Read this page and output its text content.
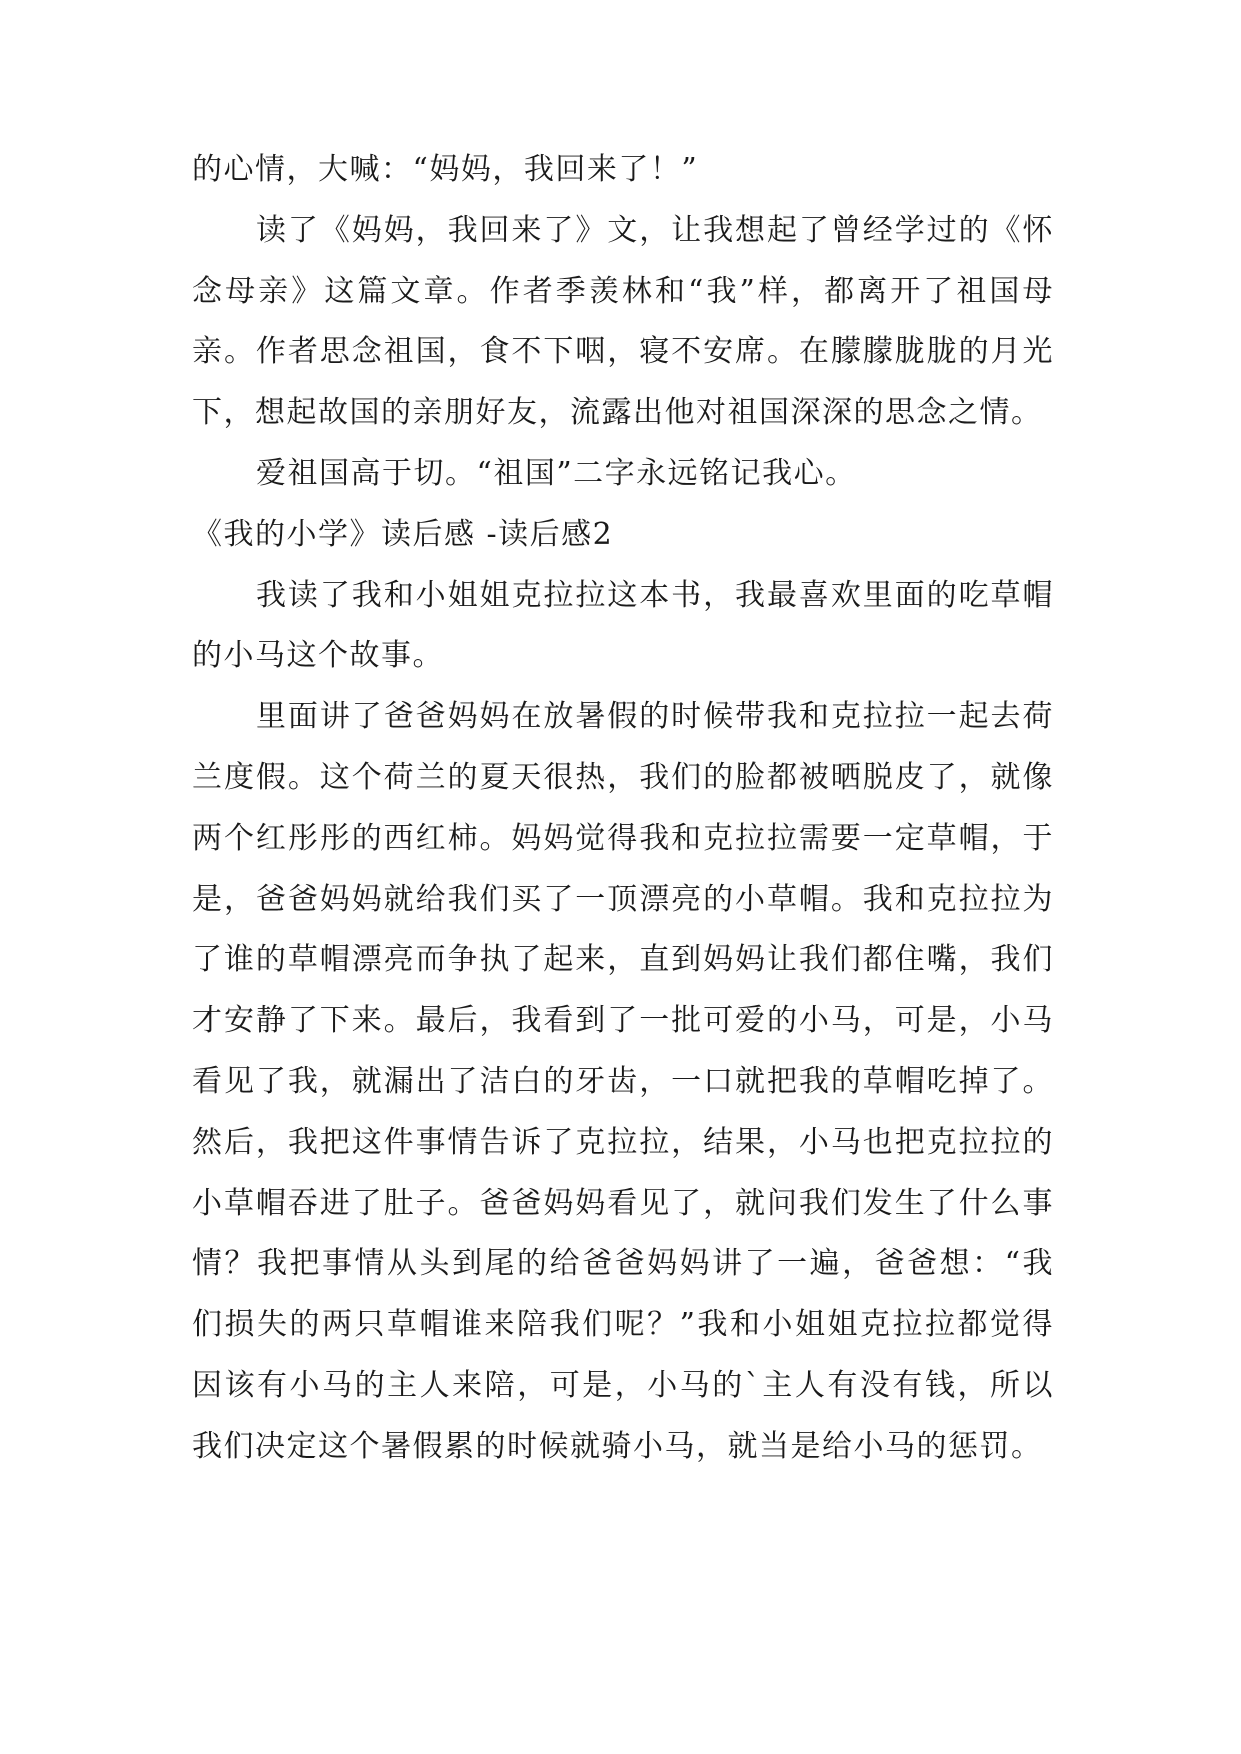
的心情，大喊：“妈妈，我回来了！”

读了《妈妈，我回来了》文，让我想起了曾经学过的《怀念母亲》这篇文章。作者季羡林和“我”样，都离开了祖国母亲。作者思念祖国，食不下咽，寝不安席。在朦朦胧胧的月光下，想起故国的亲朋好友，流露出他对祖国深深的思念之情。

爱祖国高于切。“祖国”二字永远铭记我心。

《我的小学》读后感 -读后感2

我读了我和小姐姐克拉拉这本书，我最喜欢里面的吃草帽的小马这个故事。

里面讲了爸爸妈妈在放暑假的时候带我和克拉拉一起去荷兰度假。这个荷兰的夏天很热，我们的脸都被晒脱皮了，就像两个红彤彤的西红柿。妈妈觉得我和克拉拉需要一定草帽，于是，爸爸妈妈就给我们买了一顶漂亮的小草帽。我和克拉拉为了谁的草帽漂亮而争执了起来，直到妈妈让我们都住嘴，我们才安静了下来。最后，我看到了一批可爱的小马，可是，小马看见了我，就漏出了洁白的牙齿，一口就把我的草帽吃掉了。然后，我把这件事情告诉了克拉拉，结果，小马也把克拉拉的小草帽吞进了肚子。爸爸妈妈看见了，就问我们发生了什么事情？我把事情从头到尾的给爸爸妈妈讲了一遍，爸爸想：“我们损失的两只草帽谁来陪我们呢？”我和小姐姐克拉拉都觉得因该有小马的主人来陪，可是，小马的`主人有没有钱，所以我们决定这个暑假累的时候就骑小马，就当是给小马的惩罚。
